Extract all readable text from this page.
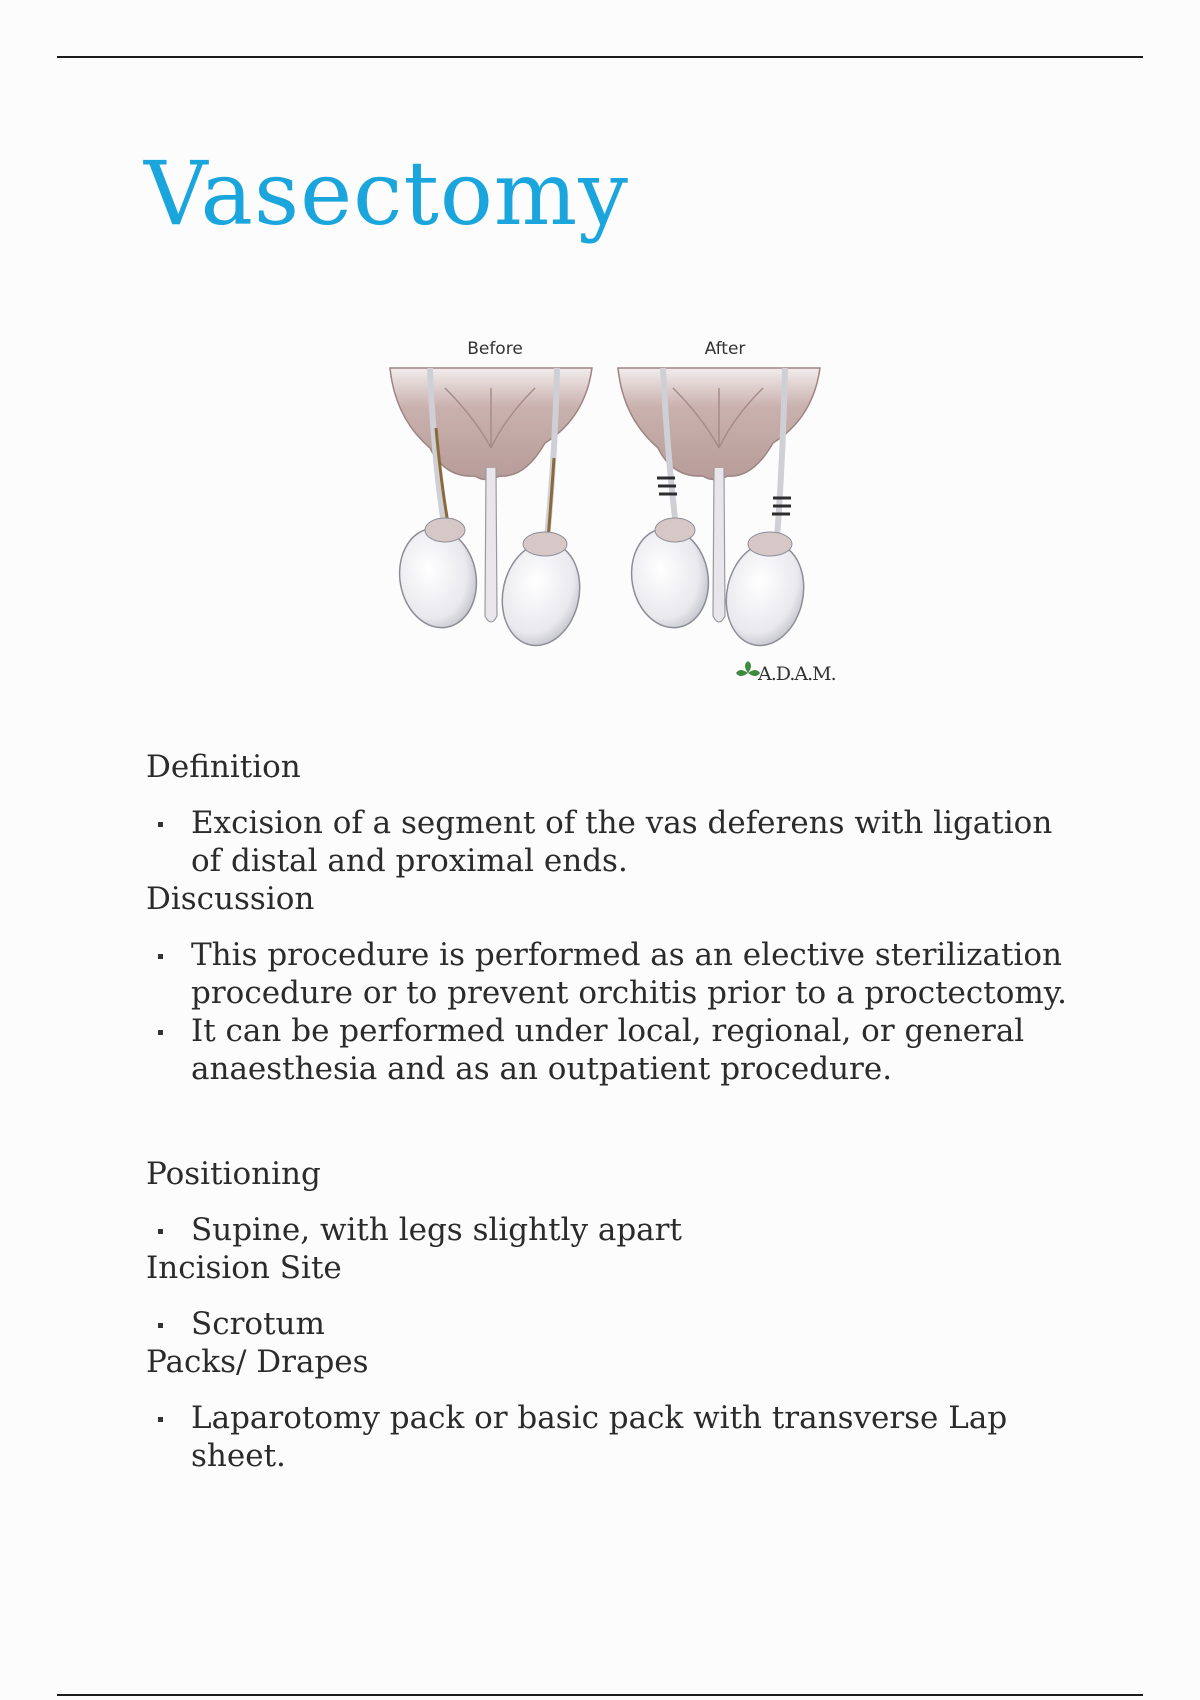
Vasectomy
Before	After
A.D.A.M.
Definition
Excision of a segment of the vas deferens with ligation of distal and proximal ends.
Discussion
This procedure is performed as an elective sterilization procedure or to prevent orchitis prior to a proctectomy.
It can be performed under local, regional, or general anaesthesia and as an outpatient procedure.
Positioning
Supine, with legs slightly apart
Incision Site
Scrotum
Packs/ Drapes
Laparotomy pack or basic pack with transverse Lap sheet.
